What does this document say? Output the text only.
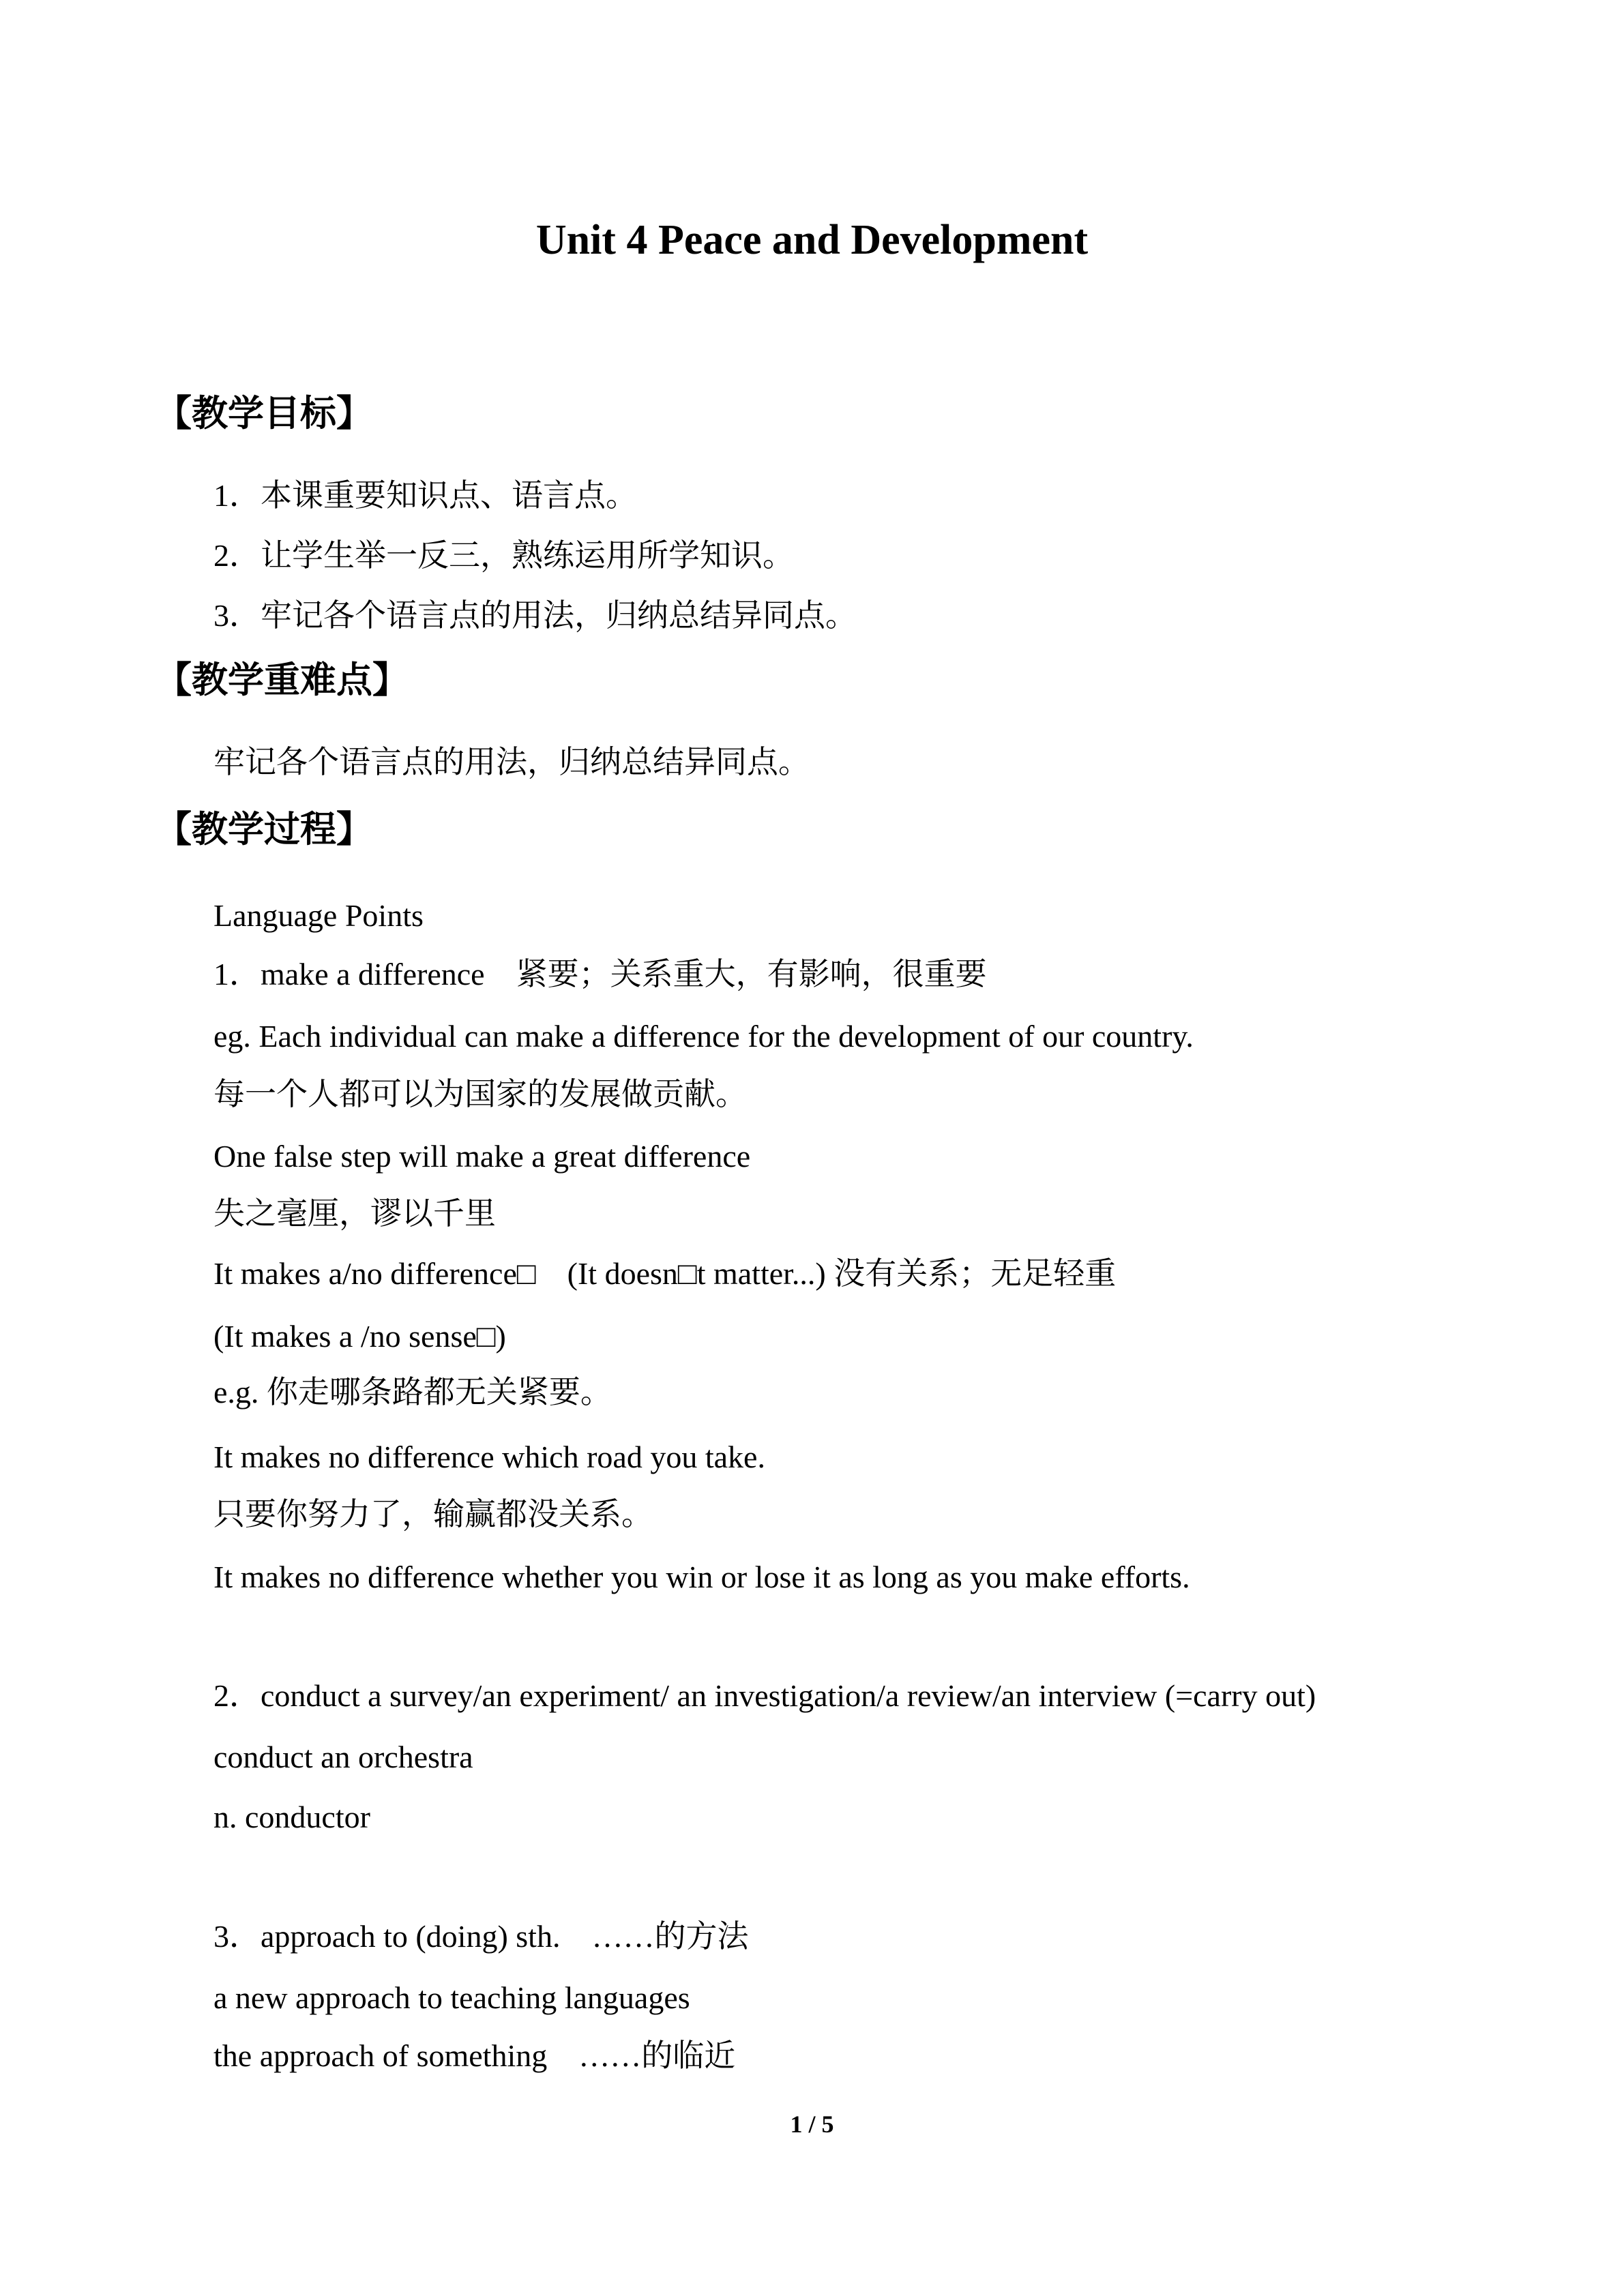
Unit 4 Peace and Development
【教学目标】
1．本课重要知识点、语言点。
2．让学生举一反三，熟练运用所学知识。
3．牢记各个语言点的用法，归纳总结异同点。
【教学重难点】
牢记各个语言点的用法，归纳总结异同点。
【教学过程】
Language Points
1．make a difference　紧要；关系重大，有影响，很重要
eg. Each individual can make a difference for the development of our country.
每一个人都可以为国家的发展做贡献。
One false step will make a great difference
失之毫厘，谬以千里
It makes a/no difference□　(It doesn□t matter...) 没有关系；无足轻重
(It makes a /no sense□)
e.g. 你走哪条路都无关紧要。
It makes no difference which road you take.
只要你努力了，输赢都没关系。
It makes no difference whether you win or lose it as long as you make efforts.
2．conduct a survey/an experiment/ an investigation/a review/an interview (=carry out)
conduct an orchestra
n. conductor
3．approach to (doing) sth.　……的方法
a new approach to teaching languages
the approach of something　……的临近
1 / 5
